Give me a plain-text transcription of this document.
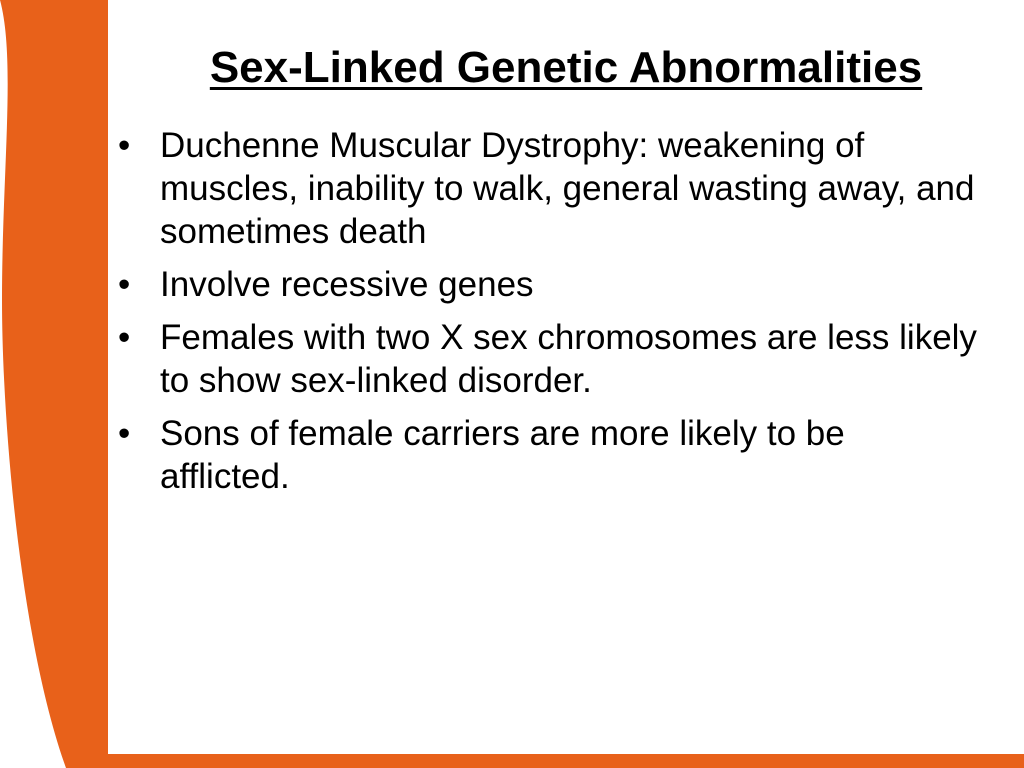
Sex-Linked Genetic Abnormalities
• Duchenne Muscular Dystrophy: weakening of muscles, inability to walk, general wasting away, and sometimes death
• Involve recessive genes
• Females with two X sex chromosomes are less likely to show sex-linked disorder.
• Sons of female carriers are more likely to be afflicted.
